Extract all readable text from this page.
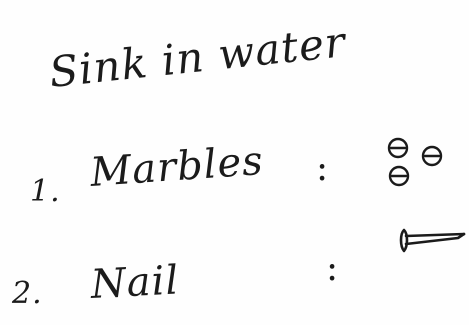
Sink in water
1. Marbles :
2. Nail	:
